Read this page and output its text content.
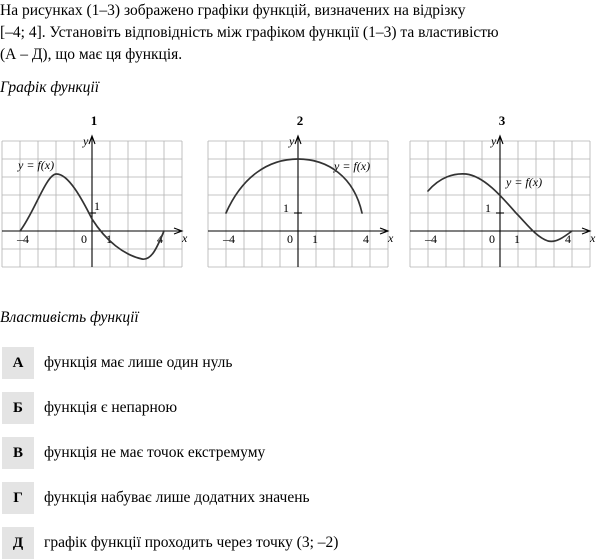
На рисунках (1–3) зображено графіки функцій, визначених на відрізку
[–4; 4]. Установіть відповідність між графіком функції (1–3) та властивістю
(А – Д), що має ця функція.
Графік функції
1
y
x
–4	0 1	4
1
y = f(x)
2
y
x
–4	0 1	4
1
y = f(x)
3
y
x
–4	0 1	4
1
y = f(x)
Властивість функції
А	функція має лише один нуль
Б	функція є непарною
В	функція не має точок екстремуму
Г	функція набуває лише додатних значень
Д	графік функції проходить через точку (3; –2)
